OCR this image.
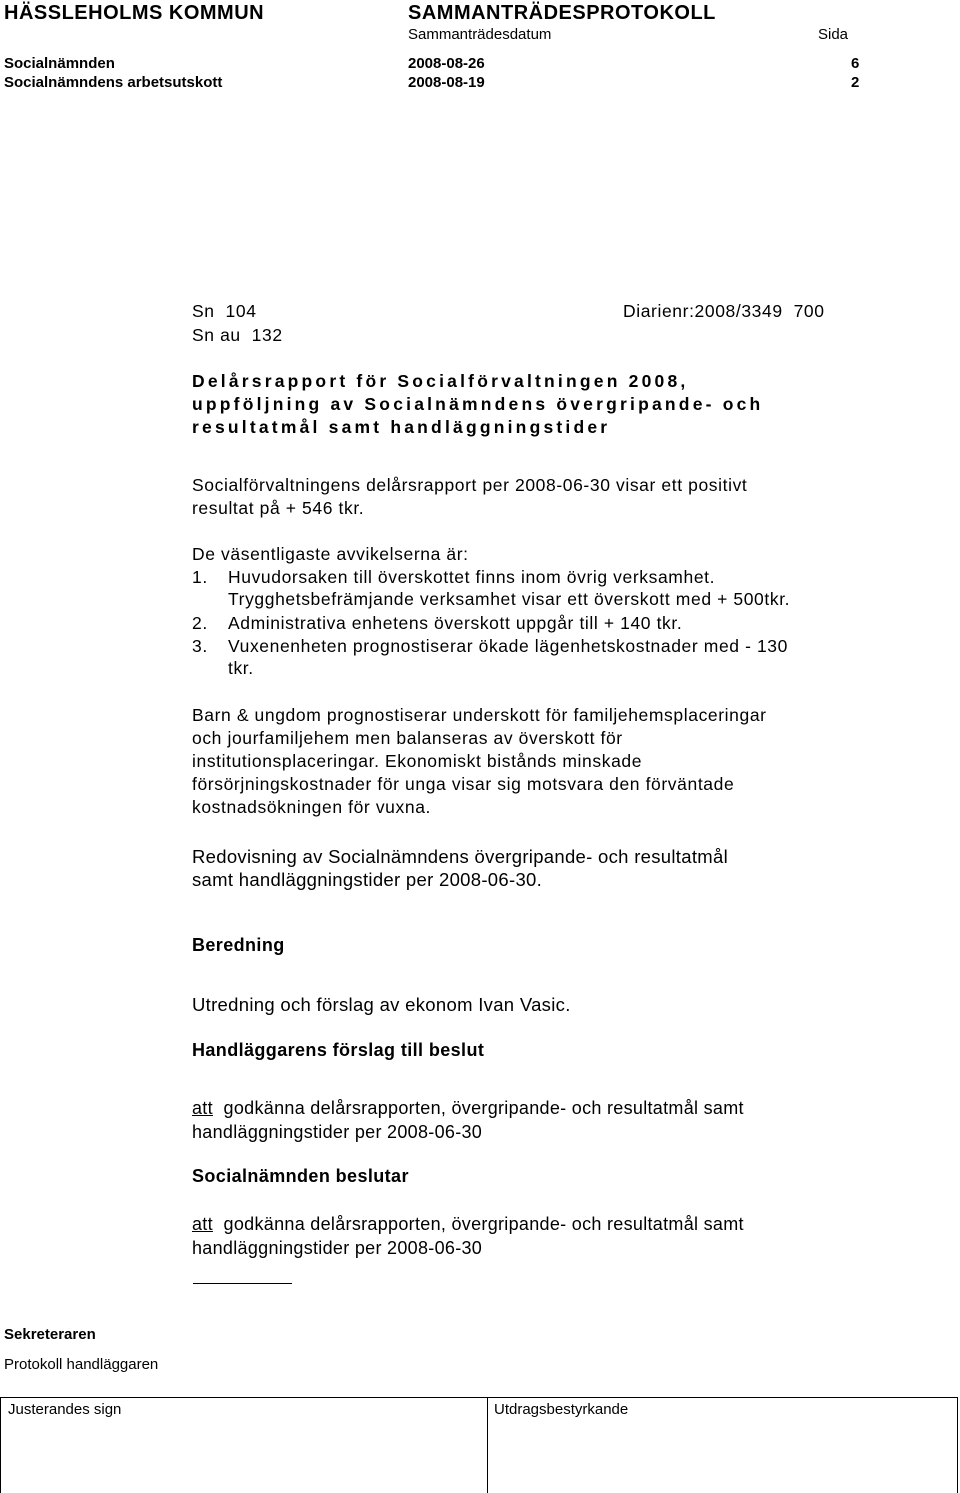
HÄSSLEHOLMS KOMMUN	SAMMANTRÄDESPROTOKOLL
Sammanträdesdatum	Sida
Socialnämnden	2008-08-26	6
Socialnämndens arbetsutskott	2008-08-19	2
Sn  104
Sn au  132
Diarienr:2008/3349  700
Delårsrapport för Socialförvaltningen 2008,
uppföljning av Socialnämndens övergripande- och
resultatmål samt handläggningstider
Socialförvaltningens delårsrapport per 2008-06-30 visar ett positivt
resultat på + 546 tkr.
De väsentligaste avvikelserna är:
1. Huvudorsaken till överskottet finns inom övrig verksamhet.
Trygghetsbefrämjande verksamhet visar ett överskott med + 500tkr.
2. Administrativa enhetens överskott uppgår till + 140 tkr.
3. Vuxenenheten prognostiserar ökade lägenhetskostnader med - 130
tkr.
Barn & ungdom prognostiserar underskott för familjehemsplaceringar
och jourfamiljehem men balanseras av överskott för
institutionsplaceringar. Ekonomiskt bistånds minskade
försörjningskostnader för unga visar sig motsvara den förväntade
kostnadsökningen för vuxna.
Redovisning av Socialnämndens övergripande- och resultatmål
samt handläggningstider per 2008-06-30.
Beredning
Utredning och förslag av ekonom Ivan Vasic.
Handläggarens förslag till beslut
att godkänna delårsrapporten, övergripande- och resultatmål samt
handläggningstider per 2008-06-30
Socialnämnden beslutar
att godkänna delårsrapporten, övergripande- och resultatmål samt
handläggningstider per 2008-06-30
Sekreteraren
Protokoll handläggaren
Justerandes sign	Utdragsbestyrkande
